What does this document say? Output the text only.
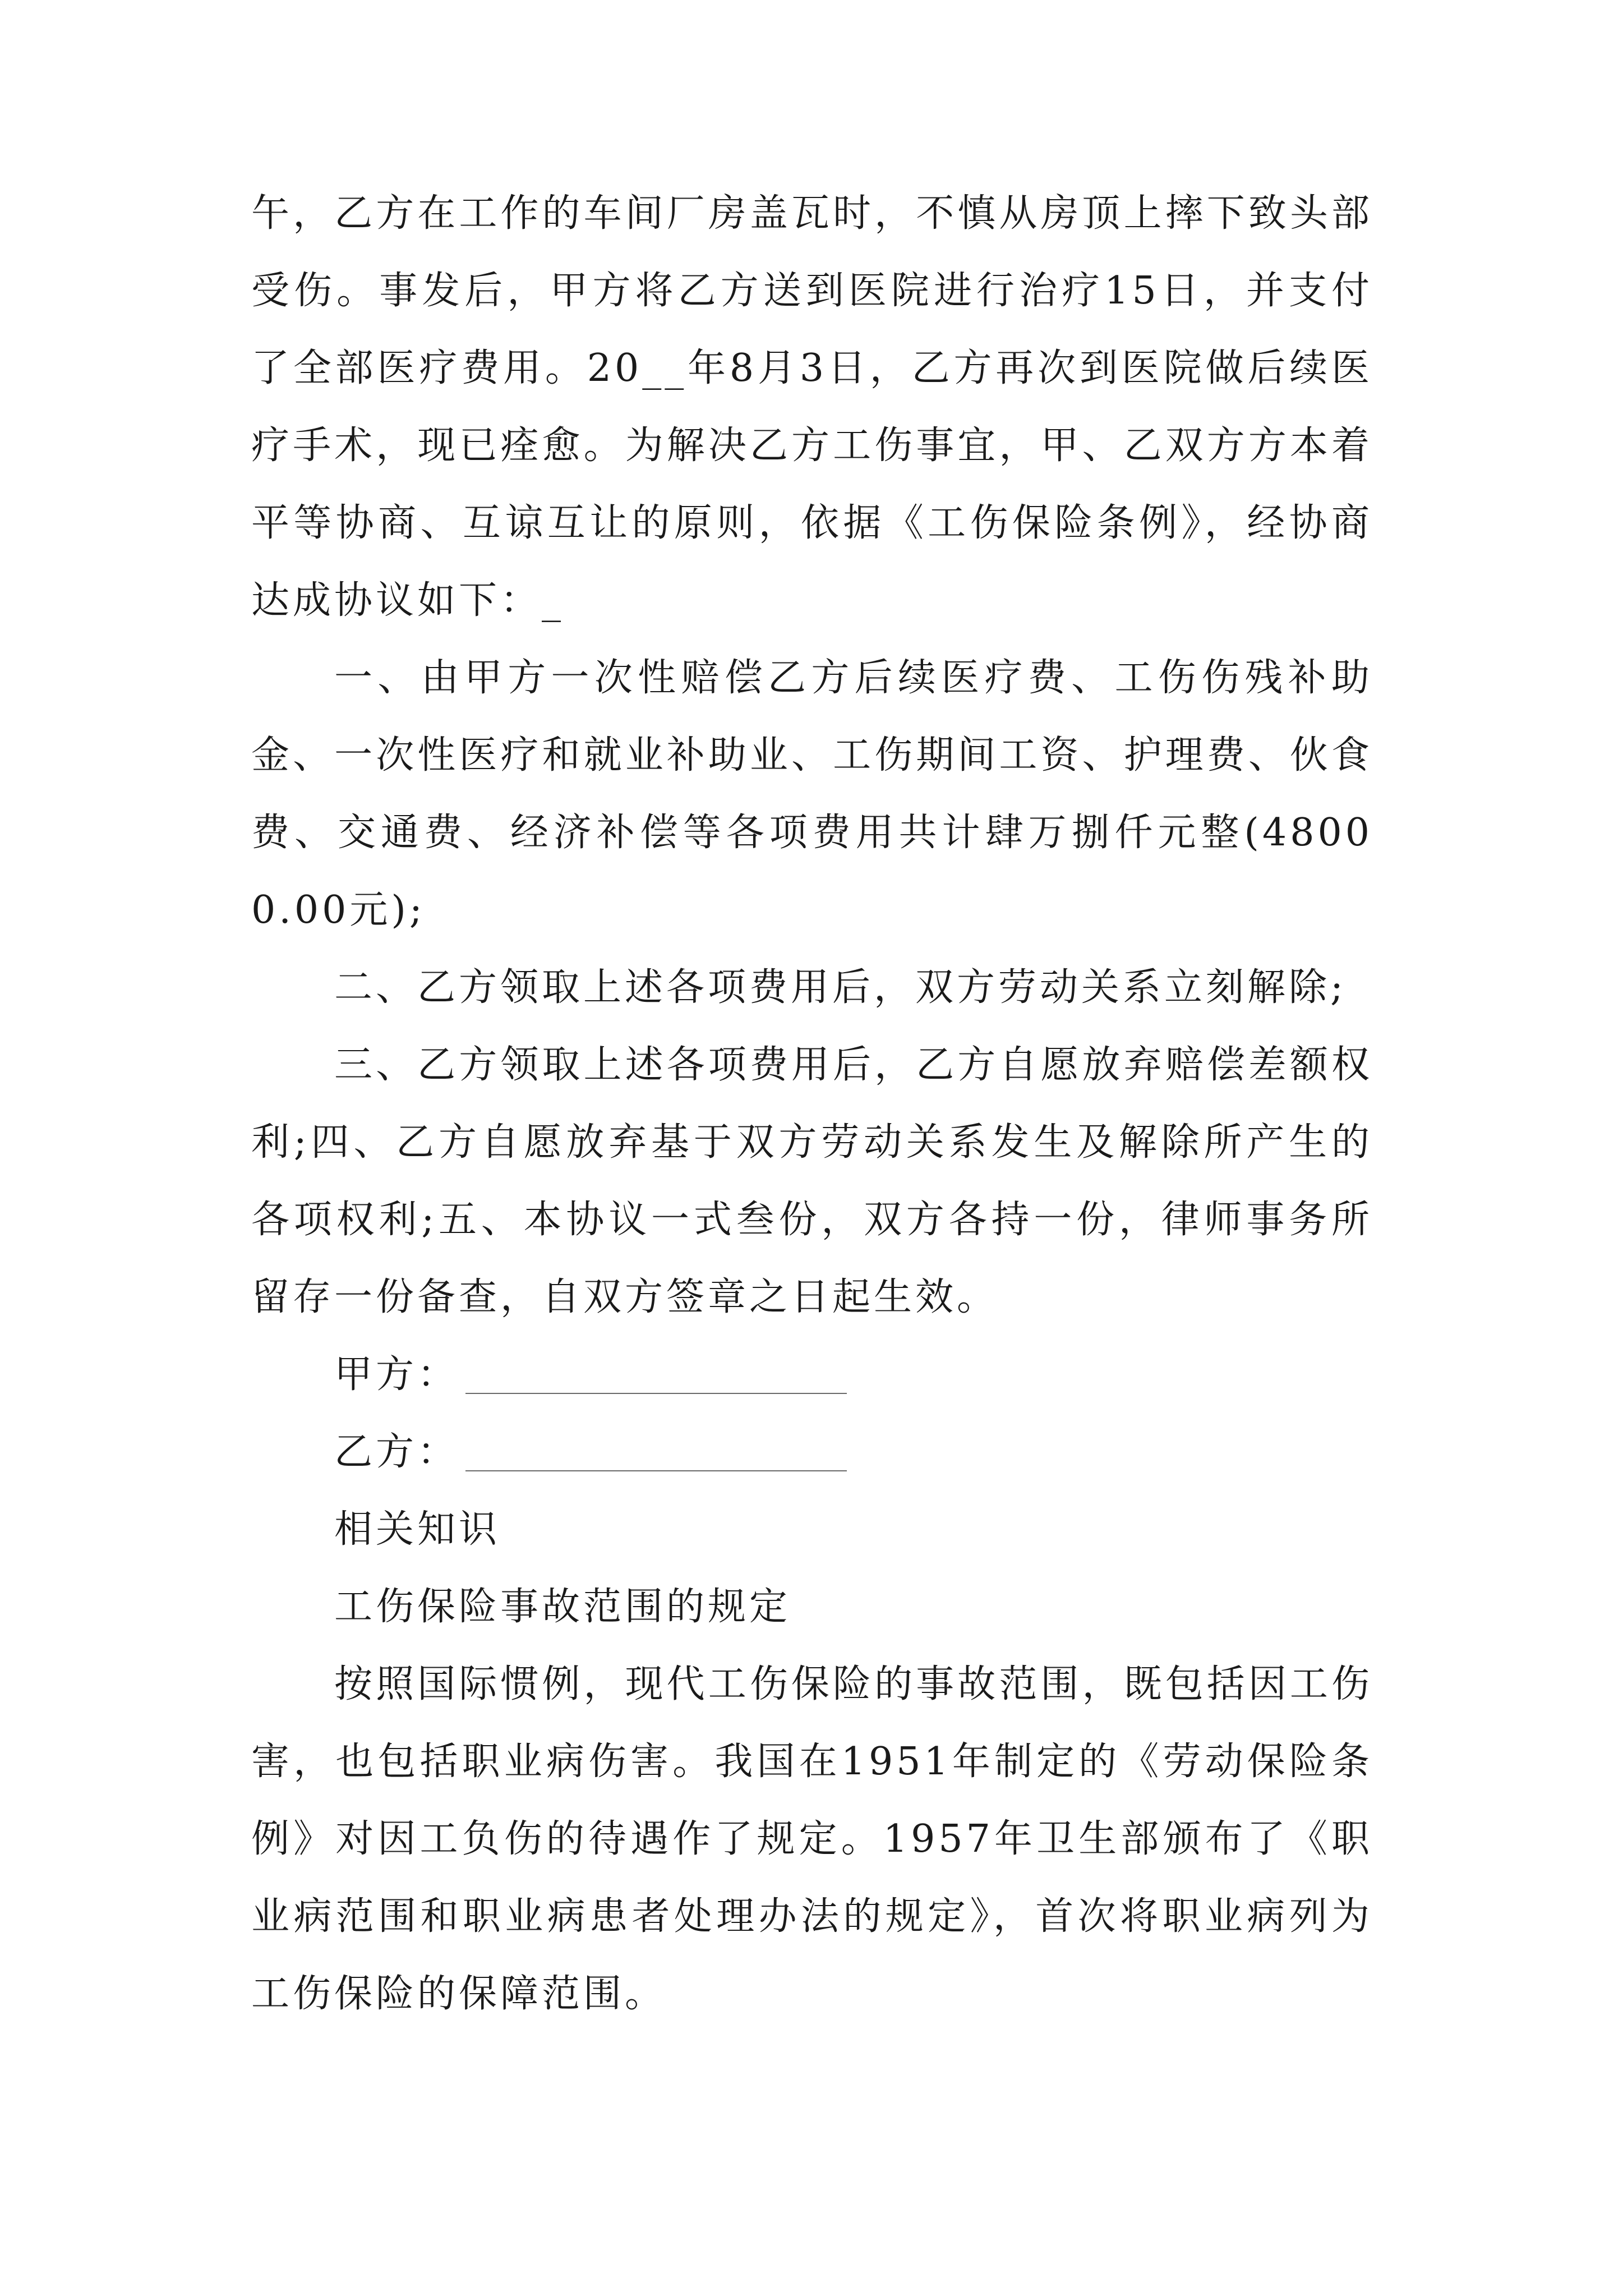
午，乙方在工作的车间厂房盖瓦时，不慎从房顶上摔下致头部受伤。事发后，甲方将乙方送到医院进行治疗15日，并支付了全部医疗费用。20__年8月3日，乙方再次到医院做后续医疗手术，现已痊愈。为解决乙方工伤事宜，甲、乙双方方本着平等协商、互谅互让的原则，依据《工伤保险条例》，经协商达成协议如下：_

一、由甲方一次性赔偿乙方后续医疗费、工伤伤残补助金、一次性医疗和就业补助业、工伤期间工资、护理费、伙食费、交通费、经济补偿等各项费用共计肆万捌仟元整(48000.00元);

二、乙方领取上述各项费用后，双方劳动关系立刻解除;

三、乙方领取上述各项费用后，乙方自愿放弃赔偿差额权利;四、乙方自愿放弃基于双方劳动关系发生及解除所产生的各项权利;五、本协议一式叁份，双方各持一份，律师事务所留存一份备查，自双方签章之日起生效。

甲方：
乙方：

相关知识

工伤保险事故范围的规定

按照国际惯例，现代工伤保险的事故范围，既包括因工伤害，也包括职业病伤害。我国在1951年制定的《劳动保险条例》对因工负伤的待遇作了规定。1957年卫生部颁布了《职业病范围和职业病患者处理办法的规定》，首次将职业病列为工伤保险的保障范围。
